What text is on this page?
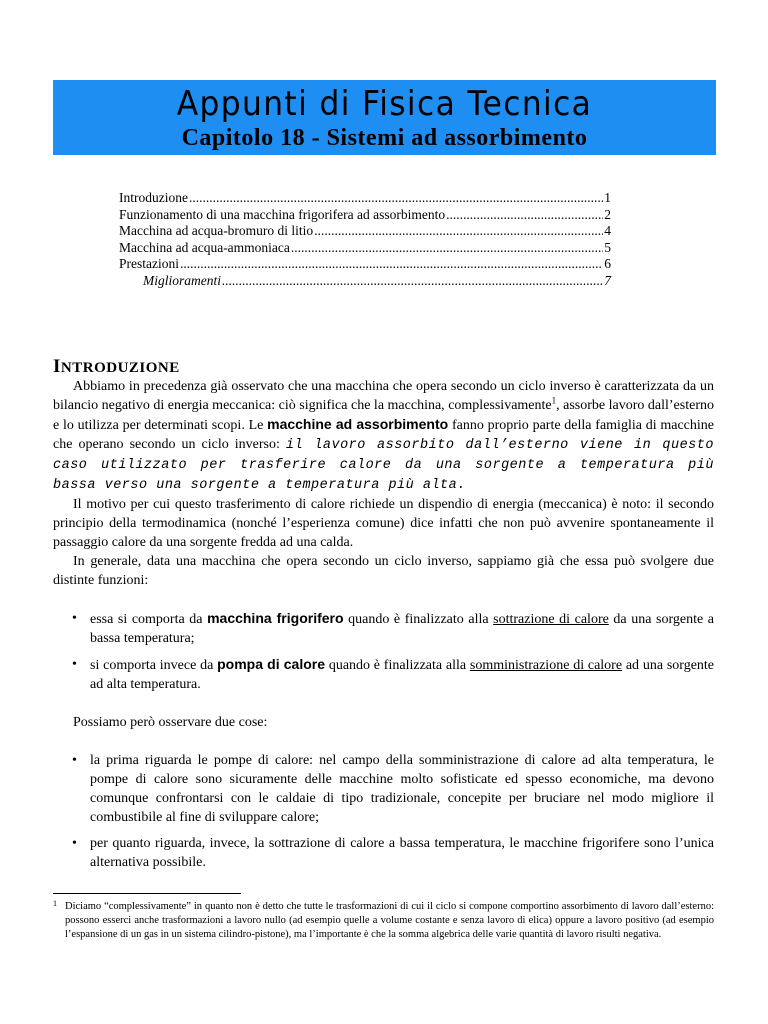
Appunti di Fisica Tecnica
Capitolo 18 - Sistemi ad assorbimento
Introduzione .....	1
Funzionamento di una macchina frigorifera ad assorbimento .....	2
Macchina ad acqua-bromuro di litio .....	4
Macchina ad acqua-ammoniaca .....	5
Prestazioni .....	6
Miglioramenti .....	7
INTRODUZIONE

Abbiamo in precedenza già osservato che una macchina che opera secondo un ciclo inverso è caratterizzata da un bilancio negativo di energia meccanica: ciò significa che la macchina, complessivamente$^1$, assorbe lavoro dall’esterno e lo utilizza per determinati scopi. Le macchine ad assorbimento fanno proprio parte della famiglia di macchine che operano secondo un ciclo inverso: il lavoro assorbito dall’esterno viene in questo caso utilizzato per trasferire calore da una sorgente a temperatura più bassa verso una sorgente a temperatura più alta.

Il motivo per cui questo trasferimento di calore richiede un dispendio di energia (meccanica) è noto: il secondo principio della termodinamica (nonché l’esperienza comune) dice infatti che non può avvenire spontaneamente il passaggio calore da una sorgente fredda ad una calda.

In generale, data una macchina che opera secondo un ciclo inverso, sappiamo già che essa può svolgere due distinte funzioni:

• essa si comporta da macchina frigorifero quando è finalizzato alla sottrazione di calore da una sorgente a bassa temperatura;
• si comporta invece da pompa di calore quando è finalizzata alla somministrazione di calore ad una sorgente ad alta temperatura.

Possiamo però osservare due cose:

• la prima riguarda le pompe di calore: nel campo della somministrazione di calore ad alta temperatura, le pompe di calore sono sicuramente delle macchine molto sofisticate ed spesso economiche, ma devono comunque confrontarsi con le caldaie di tipo tradizionale, concepite per bruciare nel modo migliore il combustibile al fine di sviluppare calore;
• per quanto riguarda, invece, la sottrazione di calore a bassa temperatura, le macchine frigorifere sono l’unica alternativa possibile.
1 Diciamo “complessivamente” in quanto non è detto che tutte le trasformazioni di cui il ciclo si compone comportino assorbimento di lavoro dall’esterno: possono esserci anche trasformazioni a lavoro nullo (ad esempio quelle a volume costante e senza lavoro di elica) oppure a lavoro positivo (ad esempio l’espansione di un gas in un sistema cilindro-pistone), ma l’importante è che la somma algebrica delle varie quantità di lavoro risulti negativa.
